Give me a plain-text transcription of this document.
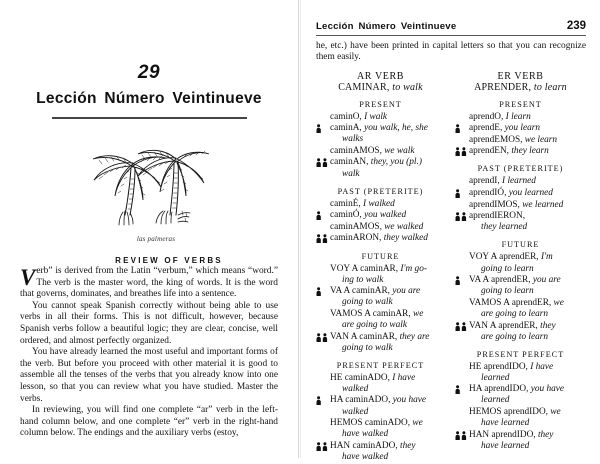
29
Lección Número Veintinueve
las palmeras
REVIEW OF VERBS

Verb” is derived from the Latin “verbum,” which means “word.” The verb is the master word, the king of words. It is the word that governs, dominates, and breathes life into a sentence.

You cannot speak Spanish correctly without being able to use verbs in all their forms. This is not difficult, however, because Spanish verbs follow a beautiful logic; they are clear, concise, well ordered, and almost perfectly organized.

You have already learned the most useful and important forms of the verb. But before you proceed with other material it is good to assemble all the tenses of the verbs that you already know into one lesson, so that you can review what you have studied. Master the verbs.

In reviewing, you will find one complete “ar” verb in the left-hand column below, and one complete “er” verb in the right-hand column below. The endings and the auxiliary verbs (estoy,

Lección Número Veintinueve	239
he, etc.) have been printed in capital letters so that you can recognize them easily.
AR VERB
CAMINAR, to walk
PRESENT
caminO, I walk
caminA, you walk, he, she
walks
caminAMOS, we walk
caminAN, they, you (pl.)
walk
PAST (PRETERITE)
caminÉ, I walked
caminÓ, you walked
caminAMOS, we walked
caminARON, they walked
FUTURE
VOY A caminAR, I'm go-
ing to walk
VA A caminAR, you are
going to walk
VAMOS A caminAR, we
are going to walk
VAN A caminAR, they are
going to walk
PRESENT PERFECT
HE caminADO, I have
walked
HA caminADO, you have
walked
HEMOS caminADO, we
have walked
HAN caminADO, they
have walked
ER VERB
APRENDER, to learn
PRESENT
aprendO, I learn
aprendE, you learn
aprendEMOS, we learn
aprendEN, they learn
PAST (PRETERITE)
aprendI, I learned
aprendIÓ, you learned
aprendIMOS, we learned
aprendIERON,
they learned
FUTURE
VOY A aprendER, I'm
going to learn
VA A aprendER, you are
going to learn
VAMOS A aprendER, we
are going to learn
VAN A aprendER, they
are going to learn
PRESENT PERFECT
HE aprendIDO, I have
learned
HA aprendIDO, you have
learned
HEMOS aprendIDO, we
have learned
HAN aprendIDO, they
have learned
